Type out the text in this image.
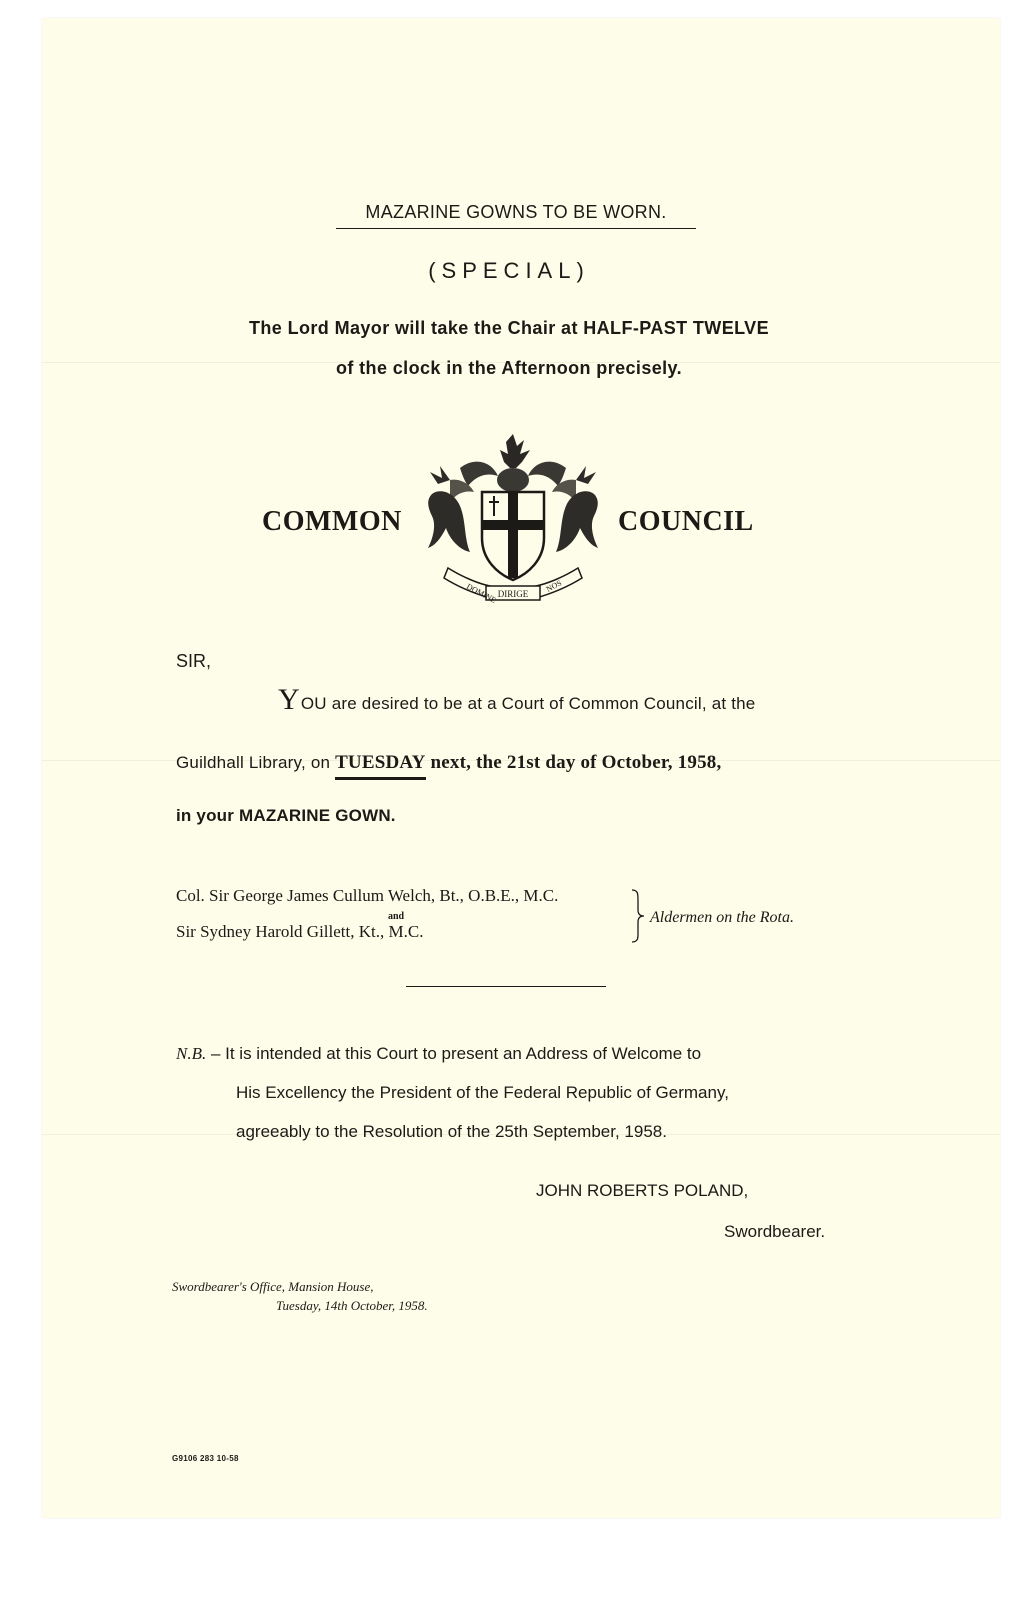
MAZARINE GOWNS TO BE WORN.
(SPECIAL)
The Lord Mayor will take the Chair at HALF-PAST TWELVE
of the clock in the Afternoon precisely.
COMMON	COUNCIL
DOMINE DIRIGE
NOS
SIR,
YOU are desired to be at a Court of Common Council, at the
Guildhall Library, on TUESDAY
next, the 21st day of October, 1958,
in your MAZARINE GOWN.
Col. Sir George James Cullum Welch, Bt., O.B.E., M.C.
and
Sir Sydney Harold Gillett, Kt., M.C.
Aldermen on the Rota.
N.B. – It is intended at this Court to present an Address of Welcome to
His Excellency the President of the Federal Republic of Germany,
agreeably to the Resolution of the 25th September, 1958.
JOHN ROBERTS POLAND,
Swordbearer.
Swordbearer's Office, Mansion House,
Tuesday, 14th October, 1958.
G9106 283 10-58
